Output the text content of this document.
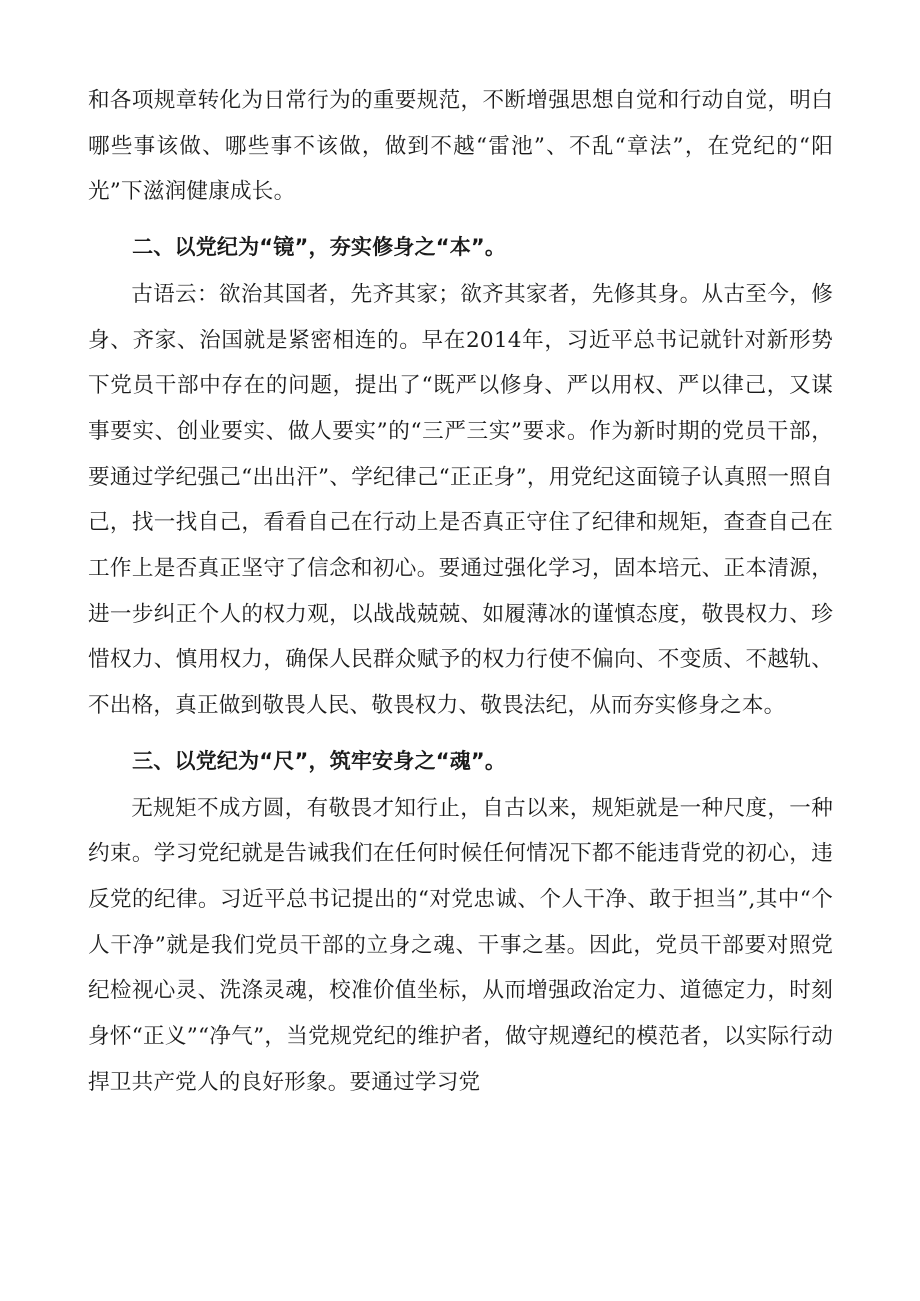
和各项规章转化为日常行为的重要规范，不断增强思想自觉和行动自觉，明白哪些事该做、哪些事不该做，做到不越“雷池”、不乱“章法”，在党纪的“阳光”下滋润健康成长。

二、以党纪为“镜”，夯实修身之“本”。

古语云：欲治其国者，先齐其家；欲齐其家者，先修其身。从古至今，修身、齐家、治国就是紧密相连的。早在2014年，习近平总书记就针对新形势下党员干部中存在的问题，提出了“既严以修身、严以用权、严以律己，又谋事要实、创业要实、做人要实”的“三严三实”要求。作为新时期的党员干部，要通过学纪强己“出出汗”、学纪律己“正正身”，用党纪这面镜子认真照一照自己，找一找自己，看看自己在行动上是否真正守住了纪律和规矩，查查自己在工作上是否真正坚守了信念和初心。要通过强化学习，固本培元、正本清源，进一步纠正个人的权力观，以战战兢兢、如履薄冰的谨慎态度，敬畏权力、珍惜权力、慎用权力，确保人民群众赋予的权力行使不偏向、不变质、不越轨、不出格，真正做到敬畏人民、敬畏权力、敬畏法纪，从而夯实修身之本。

三、以党纪为“尺”，筑牢安身之“魂”。

无规矩不成方圆，有敬畏才知行止，自古以来，规矩就是一种尺度，一种约束。学习党纪就是告诫我们在任何时候任何情况下都不能违背党的初心，违反党的纪律。习近平总书记提出的“对党忠诚、个人干净、敢于担当”,其中“个人干净”就是我们党员干部的立身之魂、干事之基。因此，党员干部要对照党纪检视心灵、洗涤灵魂，校准价值坐标，从而增强政治定力、道德定力，时刻身怀“正义”“净气”，当党规党纪的维护者，做守规遵纪的模范者，以实际行动捍卫共产党人的良好形象。要通过学习党
